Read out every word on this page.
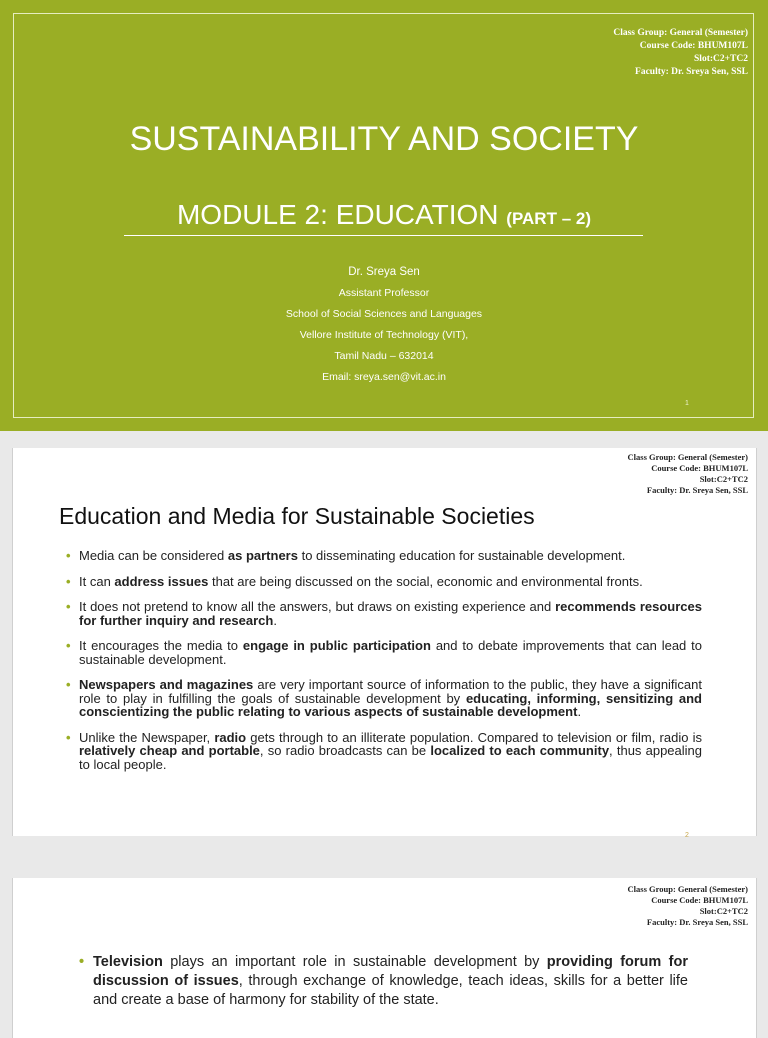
Class Group: General (Semester)
Course Code: BHUM107L
Slot:C2+TC2
Faculty: Dr. Sreya Sen, SSL
SUSTAINABILITY AND SOCIETY
MODULE 2: EDUCATION (PART – 2)
Dr. Sreya Sen
Assistant Professor
School of Social Sciences and Languages
Vellore Institute of Technology (VIT),
Tamil Nadu – 632014
Email: sreya.sen@vit.ac.in
1
Class Group: General (Semester)
Course Code: BHUM107L
Slot:C2+TC2
Faculty: Dr. Sreya Sen, SSL
2
Education and Media for Sustainable Societies
• Media can be considered as partners to disseminating education for sustainable development.
• It can address issues that are being discussed on the social, economic and environmental fronts.
• It does not pretend to know all the answers, but draws on existing experience and recommends resources for further inquiry and research.
• It encourages the media to engage in public participation and to debate improvements that can lead to sustainable development.
• Newspapers and magazines are very important source of information to the public, they have a significant role to play in fulfilling the goals of sustainable development by educating, informing, sensitizing and conscientizing the public relating to various aspects of sustainable development.
• Unlike the Newspaper, radio gets through to an illiterate population. Compared to television or film, radio is relatively cheap and portable, so radio broadcasts can be localized to each community, thus appealing to local people.
Class Group: General (Semester)
Course Code: BHUM107L
Slot:C2+TC2
Faculty: Dr. Sreya Sen, SSL
• Television plays an important role in sustainable development by providing forum for discussion of issues, through exchange of knowledge, teach ideas, skills for a better life and create a base of harmony for stability of the state.
